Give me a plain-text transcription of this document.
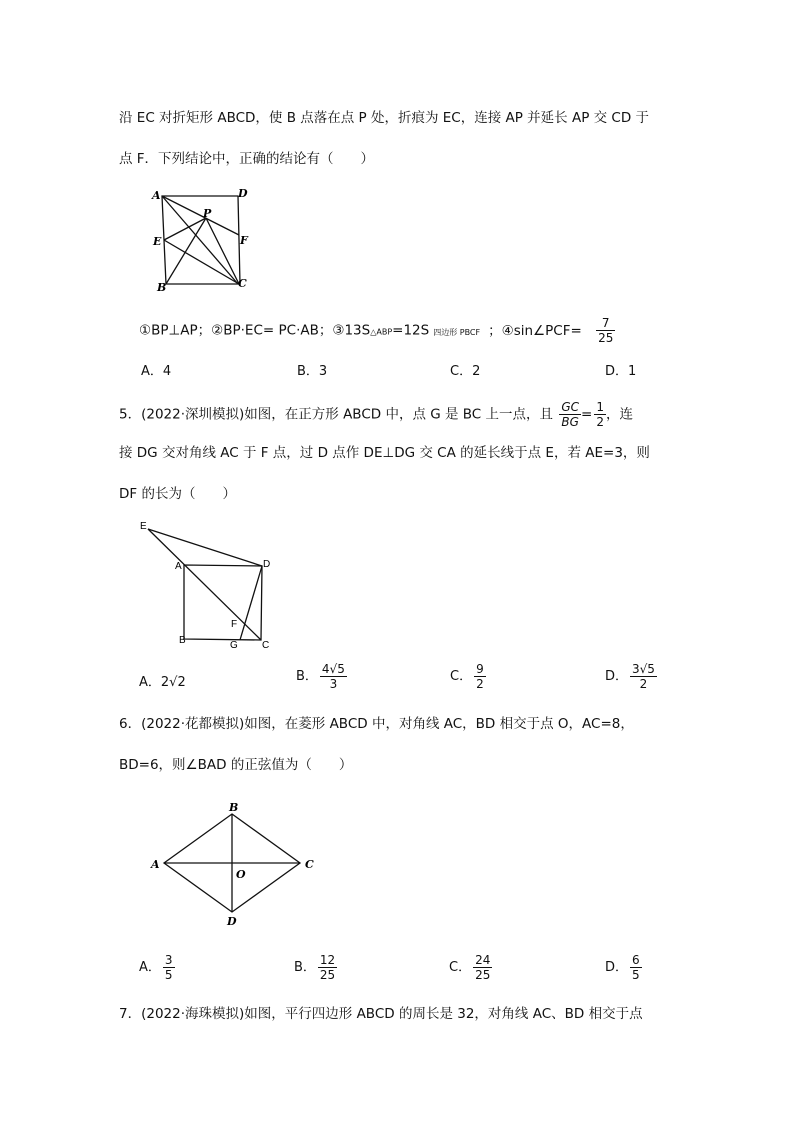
沿 EC 对折矩形 ABCD，使 B 点落在点 P 处，折痕为 EC，连接 AP 并延长 AP 交 CD 于
点 F．下列结论中，正确的结论有（　　）
A	D
P
E	F
B	C
①BP⊥AP；②BP·EC= PC·AB；③13S△ABP=12S 四边形 PBCF ；④sin∠PCF= $\frac{7}{25}$
A．4	B．3	C．2	D．1
5．(2022·深圳模拟)如图，在正方形 ABCD 中，点 G 是 BC 上一点，且 $\frac{GC}{BG} = \frac{1}{2}$ ，连
接 DG 交对角线 AC 于 F 点，过 D 点作 DE⊥DG 交 CA 的延长线于点 E，若 AE=3，则
DF 的长为（　　）
E
A	D
F
B	G C
A．2√2	B． $\frac{4√5}{3}$	C． $\frac{9}{2}$	D． $\frac{3√5}{2}$
6．(2022·花都模拟)如图，在菱形 ABCD 中，对角线 AC，BD 相交于点 O，AC=8，
BD=6，则∠BAD 的正弦值为（　　）
B
A
O
C
D
A． $\frac{3}{5}$	B． $\frac{12}{25}$	C． $\frac{24}{25}$	D． $\frac{6}{5}$
7．(2022·海珠模拟)如图，平行四边形 ABCD 的周长是 32，对角线 AC、BD 相交于点
